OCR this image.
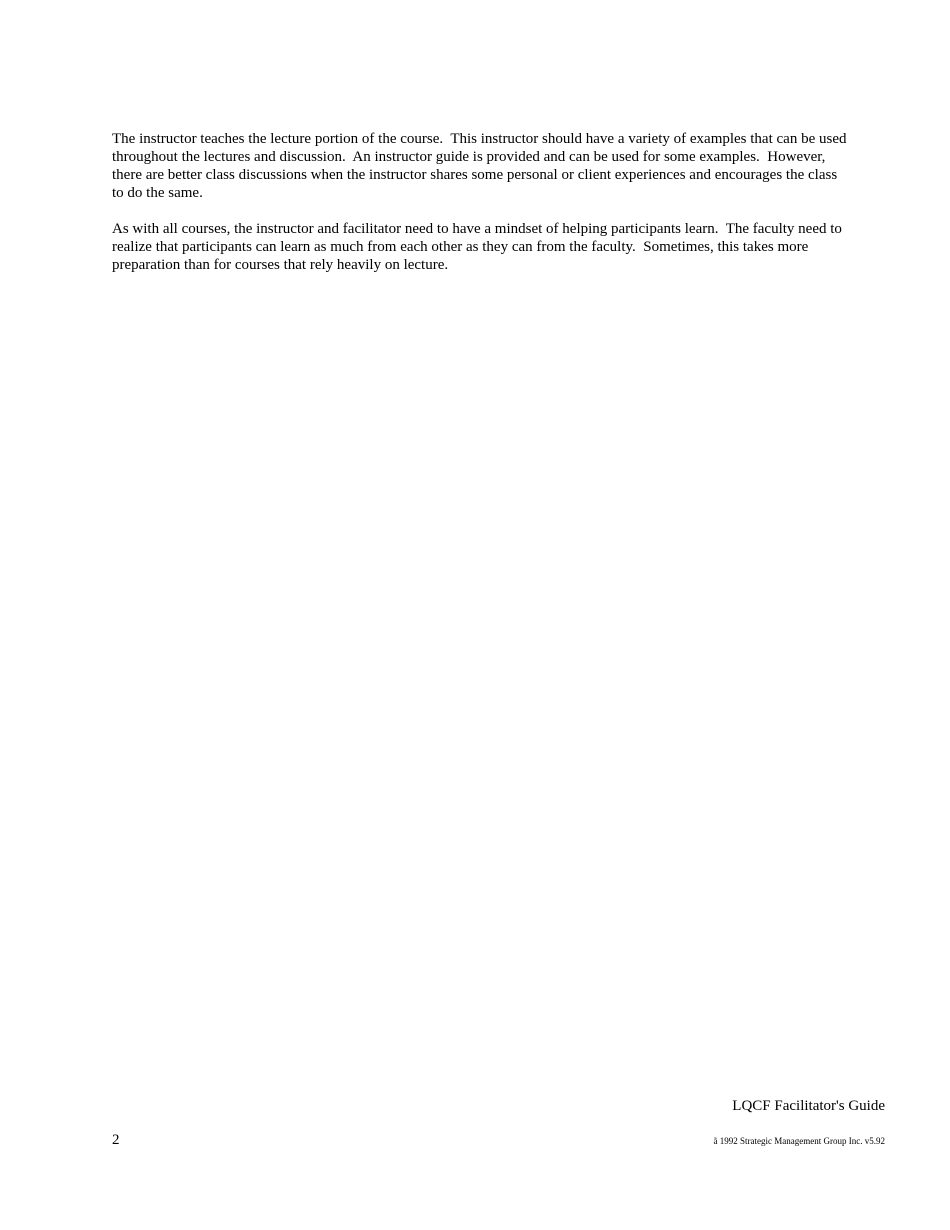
The instructor teaches the lecture portion of the course.  This instructor should have a variety of examples that can be used throughout the lectures and discussion.  An instructor guide is provided and can be used for some examples.  However, there are better class discussions when the instructor shares some personal or client experiences and encourages the class to do the same.

As with all courses, the instructor and facilitator need to have a mindset of helping participants learn.  The faculty need to realize that participants can learn as much from each other as they can from the faculty.  Sometimes, this takes more preparation than for courses that rely heavily on lecture.

LQCF Facilitator's Guide
2	ã 1992 Strategic Management Group Inc. v5.92
